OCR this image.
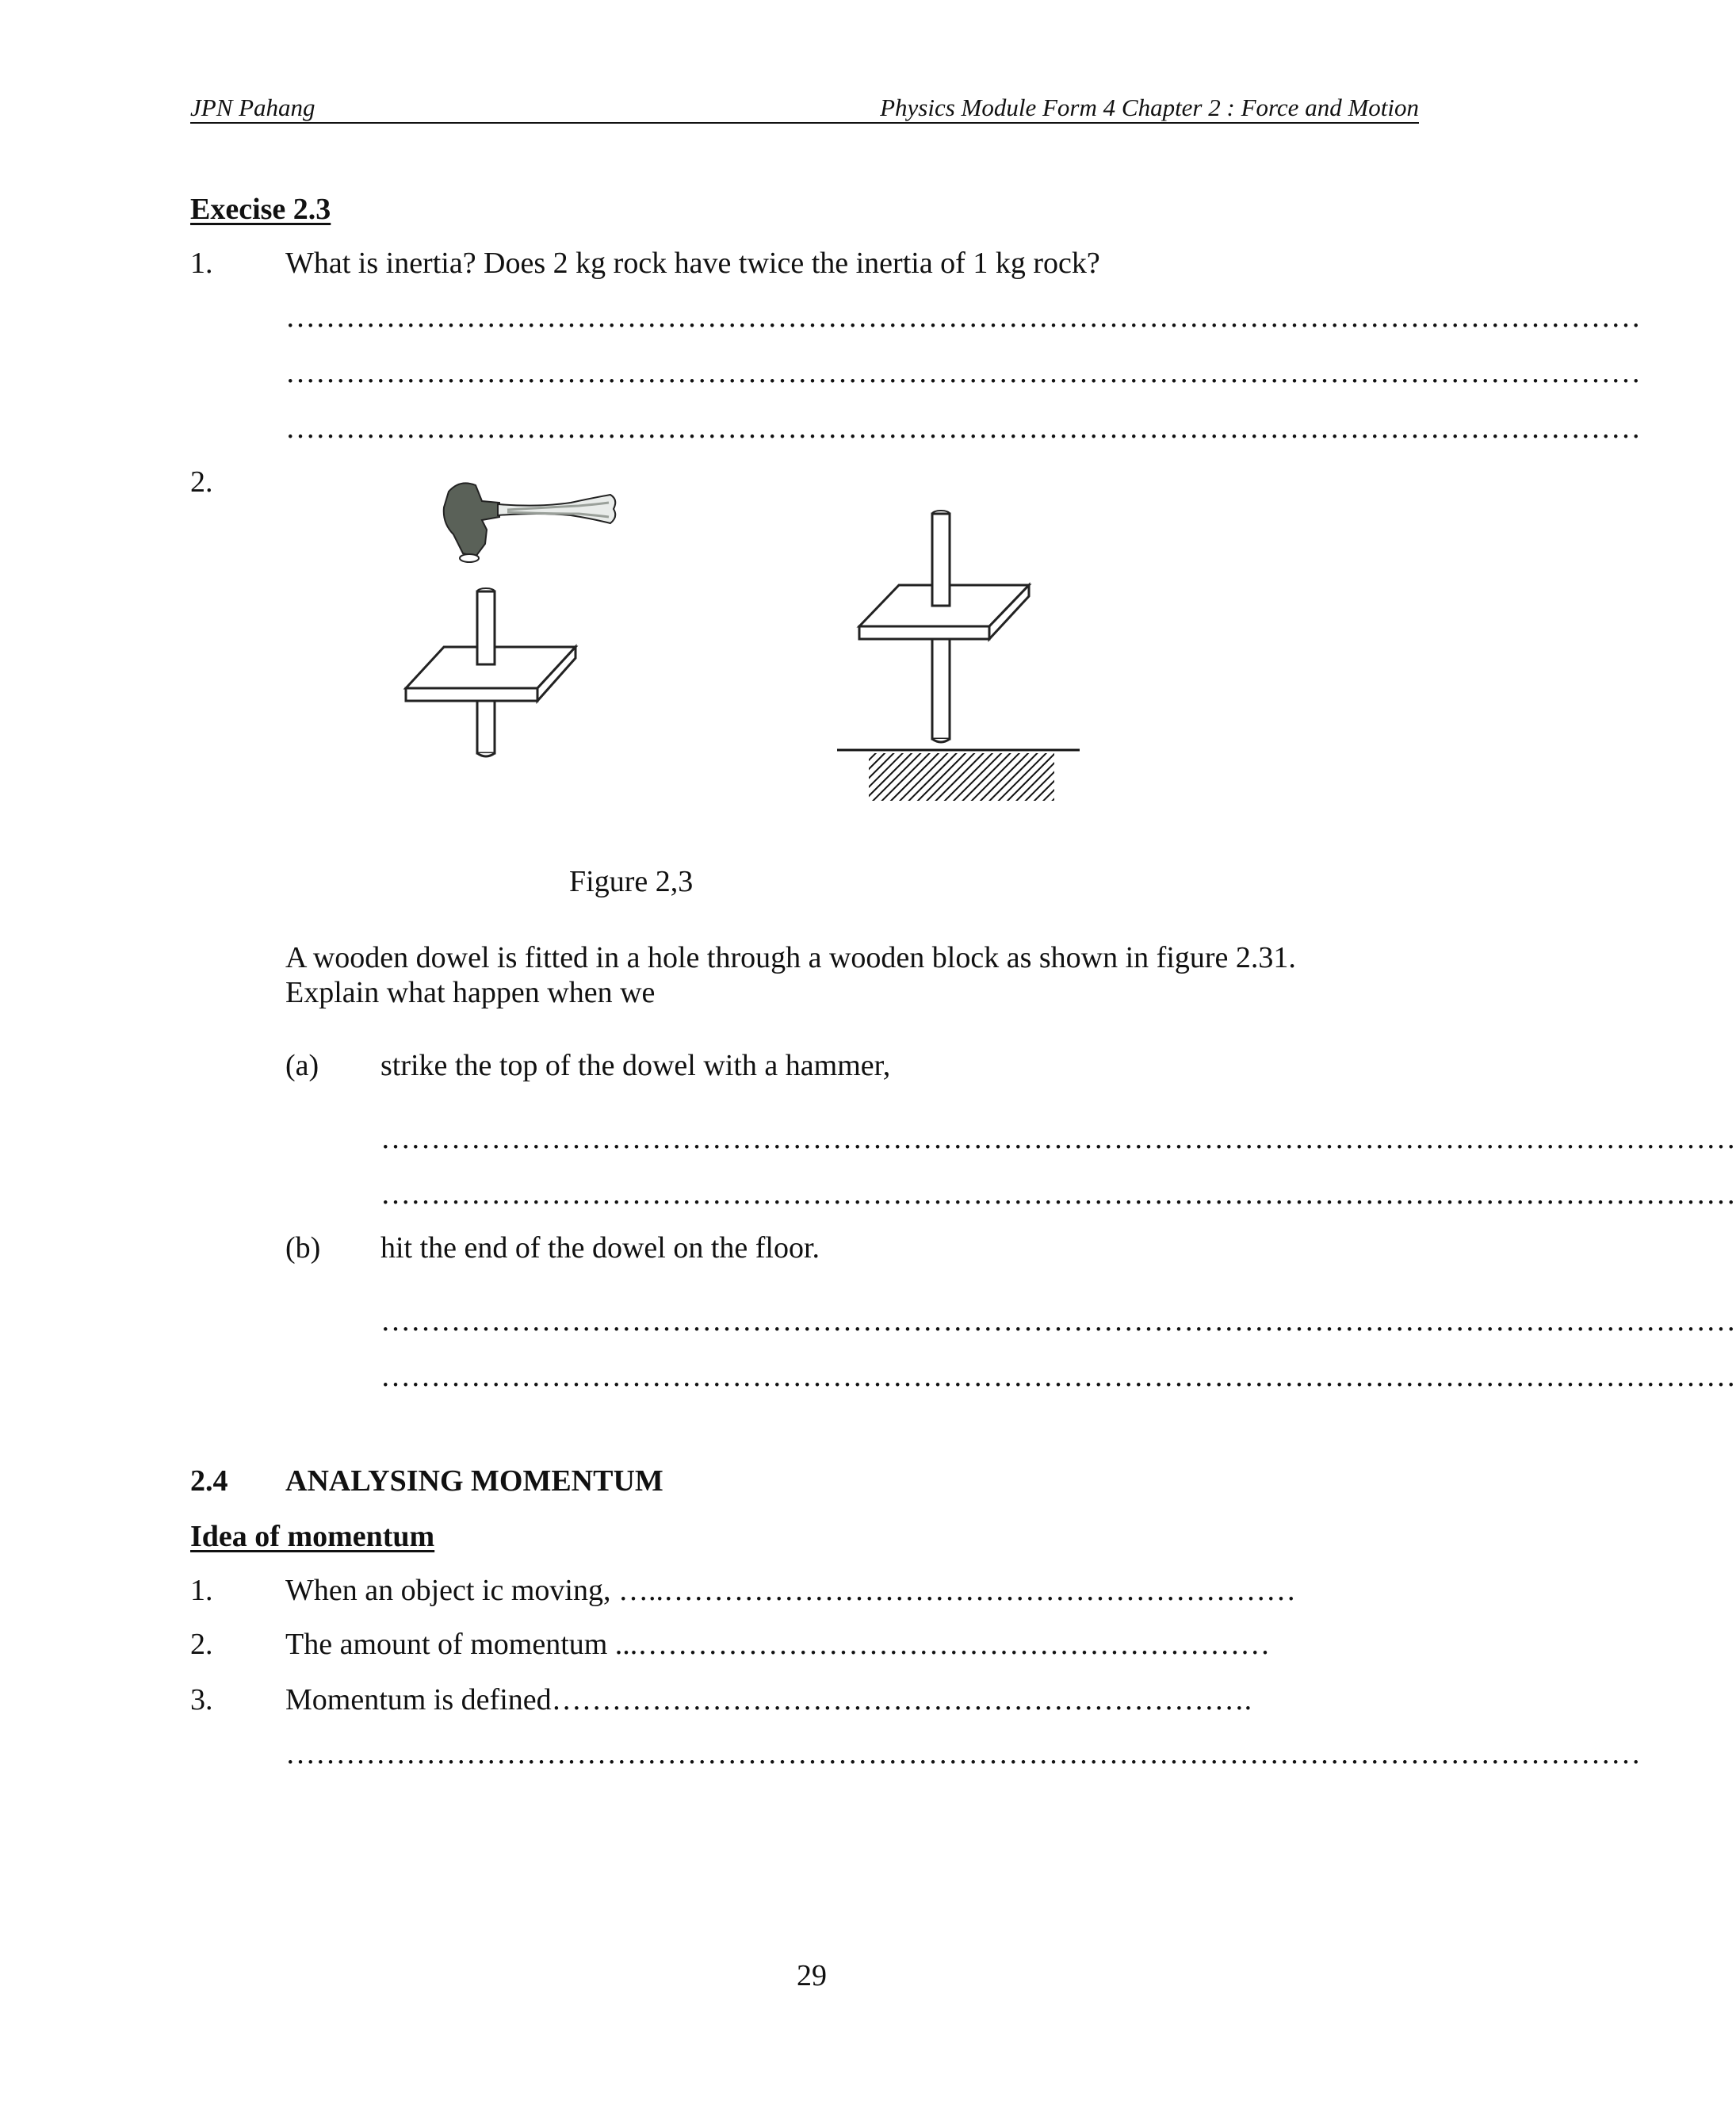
JPN Pahang	Physics Module Form 4 Chapter 2 : Force and Motion
Execise 2.3
1. What is inertia? Does 2 kg rock have twice the inertia of 1 kg rock?
………………………………………………………………………………………………………………………
………………………………………………………………………………………………………………………
………………………………………………………………………………………………………………………
2.
Figure 2,3
A wooden dowel is fitted in a hole through a wooden block as shown in figure 2.31.
Explain what happen when we
(a) strike the top of the dowel with a hammer,
………………………………………………………………………………………………………………………
………………………………………………………………………………………………………………………
(b) hit the end of the dowel on the floor.
………………………………………………………………………………………………………………………
………………………………………………………………………………………………………………………
2.4 ANALYSING MOMENTUM
Idea of momentum
1. When an object ic moving, …..………………………………………………………
2. The amount of momentum ...………………………………………………………
3. Momentum is defined…………………………………………………………….
………………………………………………………………………………………………………………………
29
